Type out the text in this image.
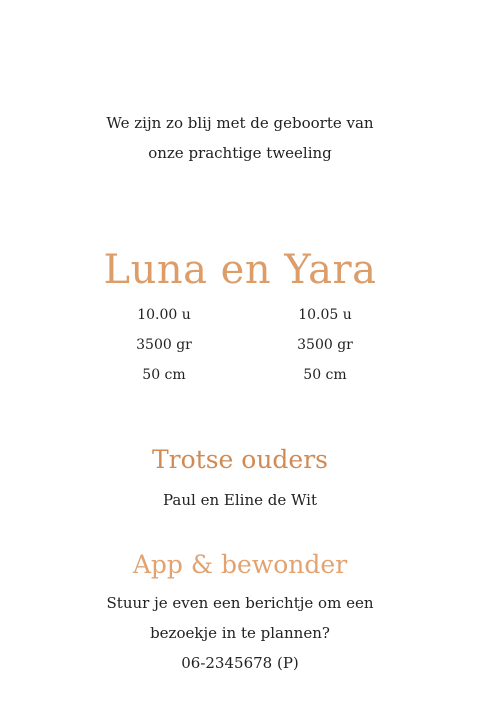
We zijn zo blij met de geboorte van
onze prachtige tweeling
Luna en Yara
10.00 u
3500 gr
50 cm
10.05 u
3500 gr
50 cm
Trotse ouders
Paul en Eline de Wit
App & bewonder
Stuur je even een berichtje om een
bezoekje in te plannen?
06-2345678 (P)
